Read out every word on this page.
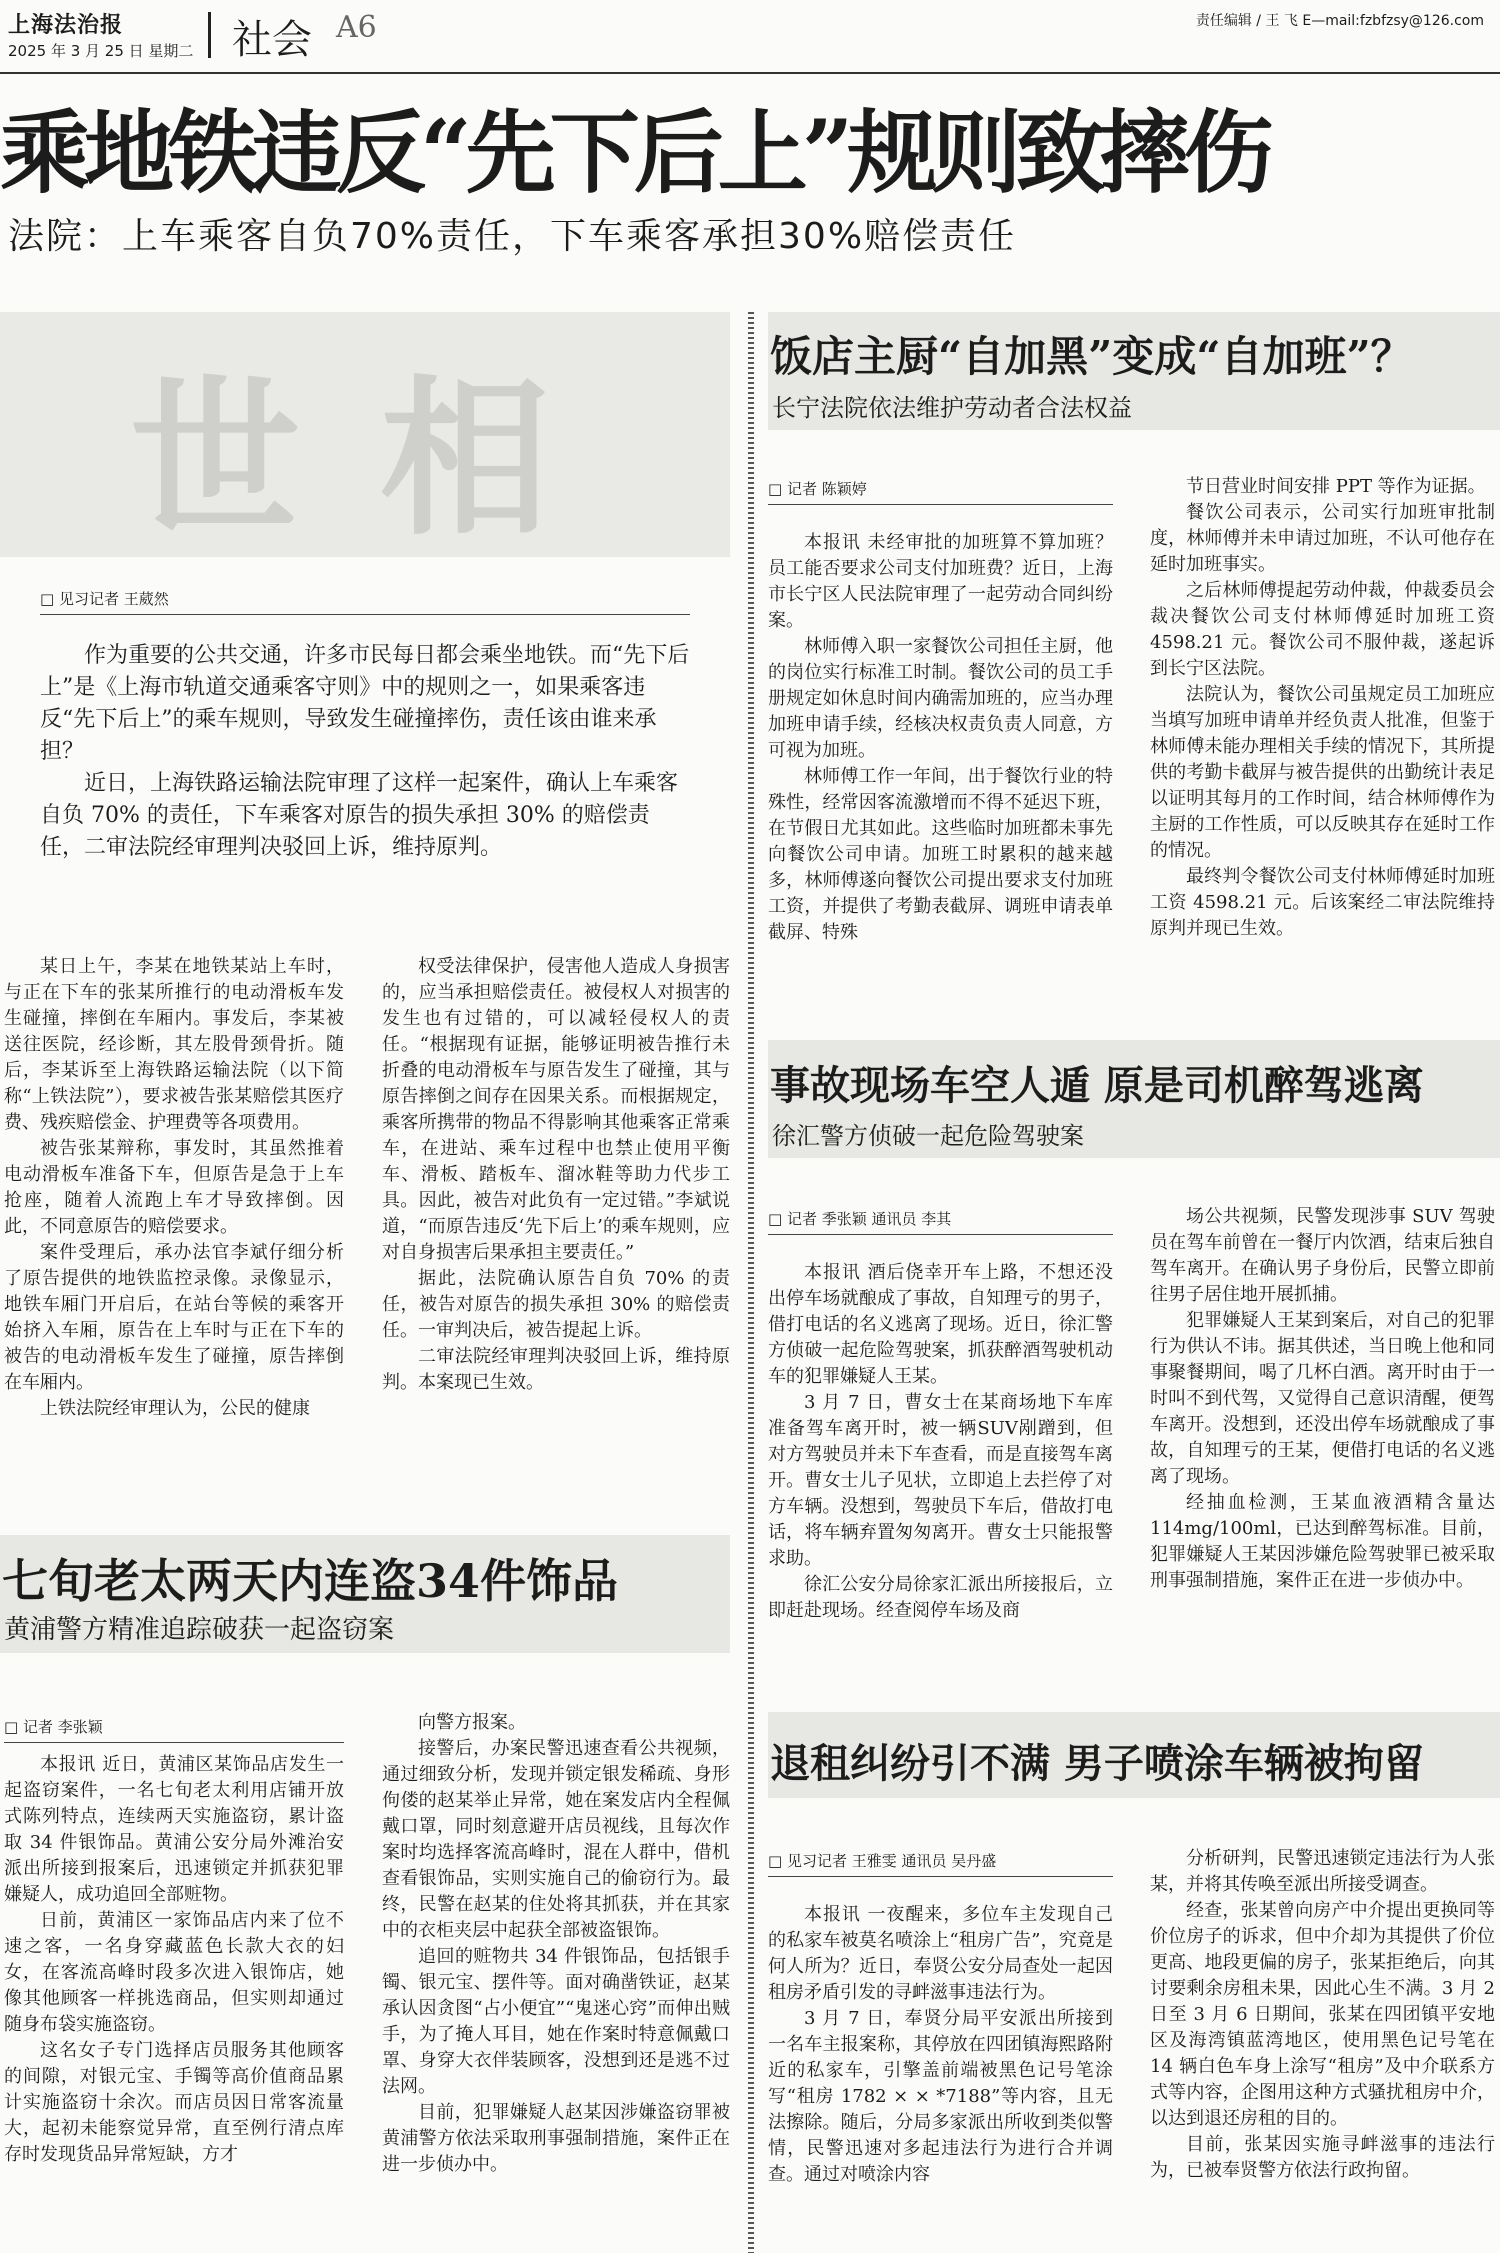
上海法治报
2025 年 3 月 25 日 星期二 社会 A6	责任编辑 / 王 飞 E—mail:fzbfzsy@126.com
乘地铁违反“先下后上”规则致摔伤
法院：上车乘客自负70%责任，下车乘客承担30%赔偿责任
世 相
□ 见习记者 王葳然

作为重要的公共交通，许多市民每日都会乘坐地铁。而“先下后上”是《上海市轨道交通乘客守则》中的规则之一，如果乘客违反“先下后上”的乘车规则，导致发生碰撞摔伤，责任该由谁来承担？

近日，上海铁路运输法院审理了这样一起案件，确认上车乘客自负 70% 的责任，下车乘客对原告的损失承担 30% 的赔偿责任，二审法院经审理判决驳回上诉，维持原判。

某日上午，李某在地铁某站上车时，与正在下车的张某所推行的电动滑板车发生碰撞，摔倒在车厢内。事发后，李某被送往医院，经诊断，其左股骨颈骨折。随后，李某诉至上海铁路运输法院（以下简称“上铁法院”），要求被告张某赔偿其医疗费、残疾赔偿金、护理费等各项费用。

被告张某辩称，事发时，其虽然推着电动滑板车准备下车，但原告是急于上车抢座，随着人流跑上车才导致摔倒。因此，不同意原告的赔偿要求。

案件受理后，承办法官李斌仔细分析了原告提供的地铁监控录像。录像显示，地铁车厢门开启后，在站台等候的乘客开始挤入车厢，原告在上车时与正在下车的被告的电动滑板车发生了碰撞，原告摔倒在车厢内。

上铁法院经审理认为，公民的健康

权受法律保护，侵害他人造成人身损害的，应当承担赔偿责任。被侵权人对损害的发生也有过错的，可以减轻侵权人的责任。“根据现有证据，能够证明被告推行未折叠的电动滑板车与原告发生了碰撞，其与原告摔倒之间存在因果关系。而根据规定，乘客所携带的物品不得影响其他乘客正常乘车，在进站、乘车过程中也禁止使用平衡车、滑板、踏板车、溜冰鞋等助力代步工具。因此，被告对此负有一定过错。”李斌说道，“而原告违反‘先下后上’的乘车规则，应对自身损害后果承担主要责任。”

据此，法院确认原告自负 70% 的责任，被告对原告的损失承担 30% 的赔偿责任。一审判决后，被告提起上诉。

二审法院经审理判决驳回上诉，维持原判。本案现已生效。

七旬老太两天内连盗34件饰品
黄浦警方精准追踪破获一起盗窃案
□ 记者 李张颖

本报讯 近日，黄浦区某饰品店发生一起盗窃案件，一名七旬老太利用店铺开放式陈列特点，连续两天实施盗窃，累计盗取 34 件银饰品。黄浦公安分局外滩治安派出所接到报案后，迅速锁定并抓获犯罪嫌疑人，成功追回全部赃物。

日前，黄浦区一家饰品店内来了位不速之客，一名身穿藏蓝色长款大衣的妇女，在客流高峰时段多次进入银饰店，她像其他顾客一样挑选商品，但实则却通过随身布袋实施盗窃。

这名女子专门选择店员服务其他顾客的间隙，对银元宝、手镯等高价值商品累计实施盗窃十余次。而店员因日常客流量大，起初未能察觉异常，直至例行清点库存时发现货品异常短缺，方才

向警方报案。

接警后，办案民警迅速查看公共视频，通过细致分析，发现并锁定银发稀疏、身形佝偻的赵某举止异常，她在案发店内全程佩戴口罩，同时刻意避开店员视线，且每次作案时均选择客流高峰时，混在人群中，借机查看银饰品，实则实施自己的偷窃行为。最终，民警在赵某的住处将其抓获，并在其家中的衣柜夹层中起获全部被盗银饰。

追回的赃物共 34 件银饰品，包括银手镯、银元宝、摆件等。面对确凿铁证，赵某承认因贪图“占小便宜”“鬼迷心窍”而伸出贼手，为了掩人耳目，她在作案时特意佩戴口罩、身穿大衣伴装顾客，没想到还是逃不过法网。

目前，犯罪嫌疑人赵某因涉嫌盗窃罪被黄浦警方依法采取刑事强制措施，案件正在进一步侦办中。

饭店主厨“自加黑”变成“自加班”？
长宁法院依法维护劳动者合法权益
□ 记者 陈颖婷

本报讯 未经审批的加班算不算加班？员工能否要求公司支付加班费？近日，上海市长宁区人民法院审理了一起劳动合同纠纷案。

林师傅入职一家餐饮公司担任主厨，他的岗位实行标准工时制。餐饮公司的员工手册规定如休息时间内确需加班的，应当办理加班申请手续，经核决权责负责人同意，方可视为加班。

林师傅工作一年间，出于餐饮行业的特殊性，经常因客流激增而不得不延迟下班，在节假日尤其如此。这些临时加班都未事先向餐饮公司申请。加班工时累积的越来越多，林师傅遂向餐饮公司提出要求支付加班工资，并提供了考勤表截屏、调班申请表单截屏、特殊

节日营业时间安排 PPT 等作为证据。

餐饮公司表示，公司实行加班审批制度，林师傅并未申请过加班，不认可他存在延时加班事实。

之后林师傅提起劳动仲裁，仲裁委员会裁决餐饮公司支付林师傅延时加班工资 4598.21 元。餐饮公司不服仲裁，遂起诉到长宁区法院。

法院认为，餐饮公司虽规定员工加班应当填写加班申请单并经负责人批准，但鉴于林师傅未能办理相关手续的情况下，其所提供的考勤卡截屏与被告提供的出勤统计表足以证明其每月的工作时间，结合林师傅作为主厨的工作性质，可以反映其存在延时工作的情况。

最终判令餐饮公司支付林师傅延时加班工资 4598.21 元。后该案经二审法院维持原判并现已生效。

事故现场车空人遁 原是司机醉驾逃离
徐汇警方侦破一起危险驾驶案
□ 记者 季张颖 通讯员 李其

本报讯 酒后侥幸开车上路，不想还没出停车场就酿成了事故，自知理亏的男子，借打电话的名义逃离了现场。近日，徐汇警方侦破一起危险驾驶案，抓获醉酒驾驶机动车的犯罪嫌疑人王某。

3 月 7 日，曹女士在某商场地下车库准备驾车离开时，被一辆SUV剐蹭到，但对方驾驶员并未下车查看，而是直接驾车离开。曹女士儿子见状，立即追上去拦停了对方车辆。没想到，驾驶员下车后，借故打电话，将车辆弃置匆匆离开。曹女士只能报警求助。

徐汇公安分局徐家汇派出所接报后，立即赶赴现场。经查阅停车场及商

场公共视频，民警发现涉事 SUV 驾驶员在驾车前曾在一餐厅内饮酒，结束后独自驾车离开。在确认男子身份后，民警立即前往男子居住地开展抓捕。

犯罪嫌疑人王某到案后，对自己的犯罪行为供认不讳。据其供述，当日晚上他和同事聚餐期间，喝了几杯白酒。离开时由于一时叫不到代驾，又觉得自己意识清醒，便驾车离开。没想到，还没出停车场就酿成了事故，自知理亏的王某，便借打电话的名义逃离了现场。

经抽血检测，王某血液酒精含量达114mg/100ml，已达到醉驾标准。目前，犯罪嫌疑人王某因涉嫌危险驾驶罪已被采取刑事强制措施，案件正在进一步侦办中。

退租纠纷引不满 男子喷涂车辆被拘留
□ 见习记者 王雅雯 通讯员 吴丹盛

本报讯 一夜醒来，多位车主发现自己的私家车被莫名喷涂上“租房广告”，究竟是何人所为？近日，奉贤公安分局查处一起因租房矛盾引发的寻衅滋事违法行为。

3 月 7 日，奉贤分局平安派出所接到一名车主报案称，其停放在四团镇海熙路附近的私家车，引擎盖前端被黑色记号笔涂写“租房 1782 × × *7188”等内容，且无法擦除。随后，分局多家派出所收到类似警情，民警迅速对多起违法行为进行合并调查。通过对喷涂内容

分析研判，民警迅速锁定违法行为人张某，并将其传唤至派出所接受调查。

经查，张某曾向房产中介提出更换同等价位房子的诉求，但中介却为其提供了价位更高、地段更偏的房子，张某拒绝后，向其讨要剩余房租未果，因此心生不满。3 月 2 日至 3 月 6 日期间，张某在四团镇平安地区及海湾镇蓝湾地区，使用黑色记号笔在 14 辆白色车身上涂写“租房”及中介联系方式等内容，企图用这种方式骚扰租房中介，以达到退还房租的目的。

目前，张某因实施寻衅滋事的违法行为，已被奉贤警方依法行政拘留。
